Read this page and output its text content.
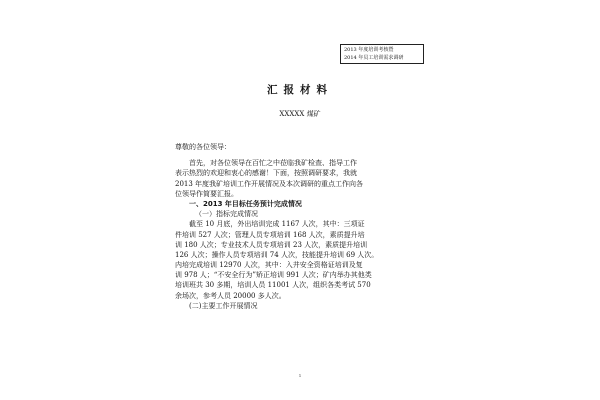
2013 年度培训考核暨
2014 年员工培训需求调研
汇报材料
XXXXX 煤矿
尊敬的各位领导：
首先，对各位领导在百忙之中莅临我矿检查、指导工作
表示热烈的欢迎和衷心的感谢！下面，按照调研要求，我就
2013 年度我矿培训工作开展情况及本次调研的重点工作向各
位领导作简要汇报。
一、2013 年目标任务预计完成情况
（一）指标完成情况
截至 10 月底，外出培训完成 1167 人次，其中：三项证
件培训 527 人次；管理人员专项培训 168 人次，素质提升培
训 180 人次；专业技术人员专项培训 23 人次，素质提升培训
126 人次；操作人员专项培训 74 人次，技能提升培训 69 人次。
内培完成培训 12970 人次，其中：入井安全资格证培训及复
训 978 人；“不安全行为”矫正培训 991 人次；矿内举办其他类
培训班共 30 多期，培训人员 11001 人次，组织各类考试 570
余场次，参考人员 20000 多人次。
(二)主要工作开展情况
1
